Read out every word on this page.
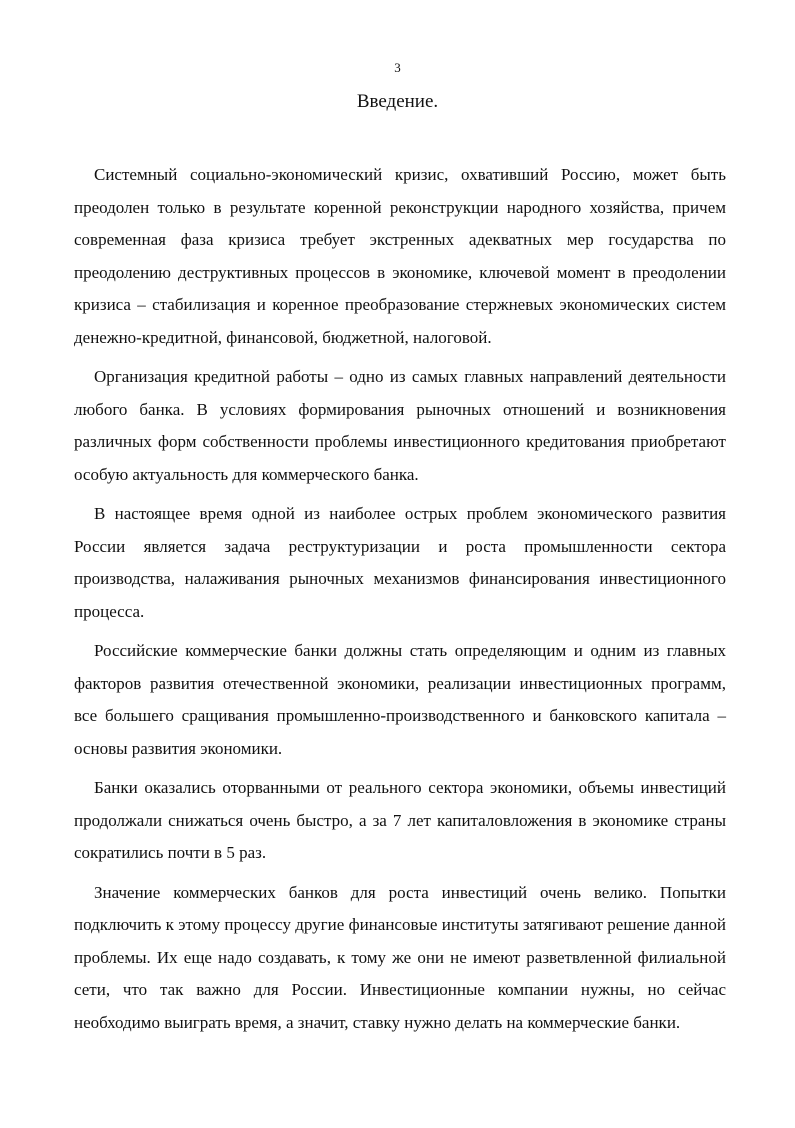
3
Введение.

Системный социально-экономический кризис, охвативший Россию, может быть преодолен только в результате коренной реконструкции народного хозяйства, причем современная фаза кризиса требует экстренных адекватных мер государства по преодолению деструктивных процессов в экономике, ключевой момент в преодолении кризиса – стабилизация и коренное преобразование стержневых экономических систем денежно-кредитной, финансовой, бюджетной, налоговой.

Организация кредитной работы – одно из самых главных направлений деятельности любого банка. В условиях формирования рыночных отношений и возникновения различных форм собственности проблемы инвестиционного кредитования приобретают особую актуальность для коммерческого банка.

В настоящее время одной из наиболее острых проблем экономического развития России является задача реструктуризации и роста промышленности сектора производства, налаживания рыночных механизмов финансирования инвестиционного процесса.

Российские коммерческие банки должны стать определяющим и одним из главных факторов развития отечественной экономики, реализации инвестиционных программ, все большего сращивания промышленно-производственного и банковского капитала – основы развития экономики.

Банки оказались оторванными от реального сектора экономики, объемы инвестиций продолжали снижаться очень быстро, а за 7 лет капиталовложения в экономике страны сократились почти в 5 раз.

Значение коммерческих банков для роста инвестиций очень велико. Попытки подключить к этому процессу другие финансовые институты затягивают решение данной проблемы. Их еще надо создавать, к тому же они не имеют разветвленной филиальной сети, что так важно для России. Инвестиционные компании нужны, но сейчас необходимо выиграть время, а значит, ставку нужно делать на коммерческие банки.
